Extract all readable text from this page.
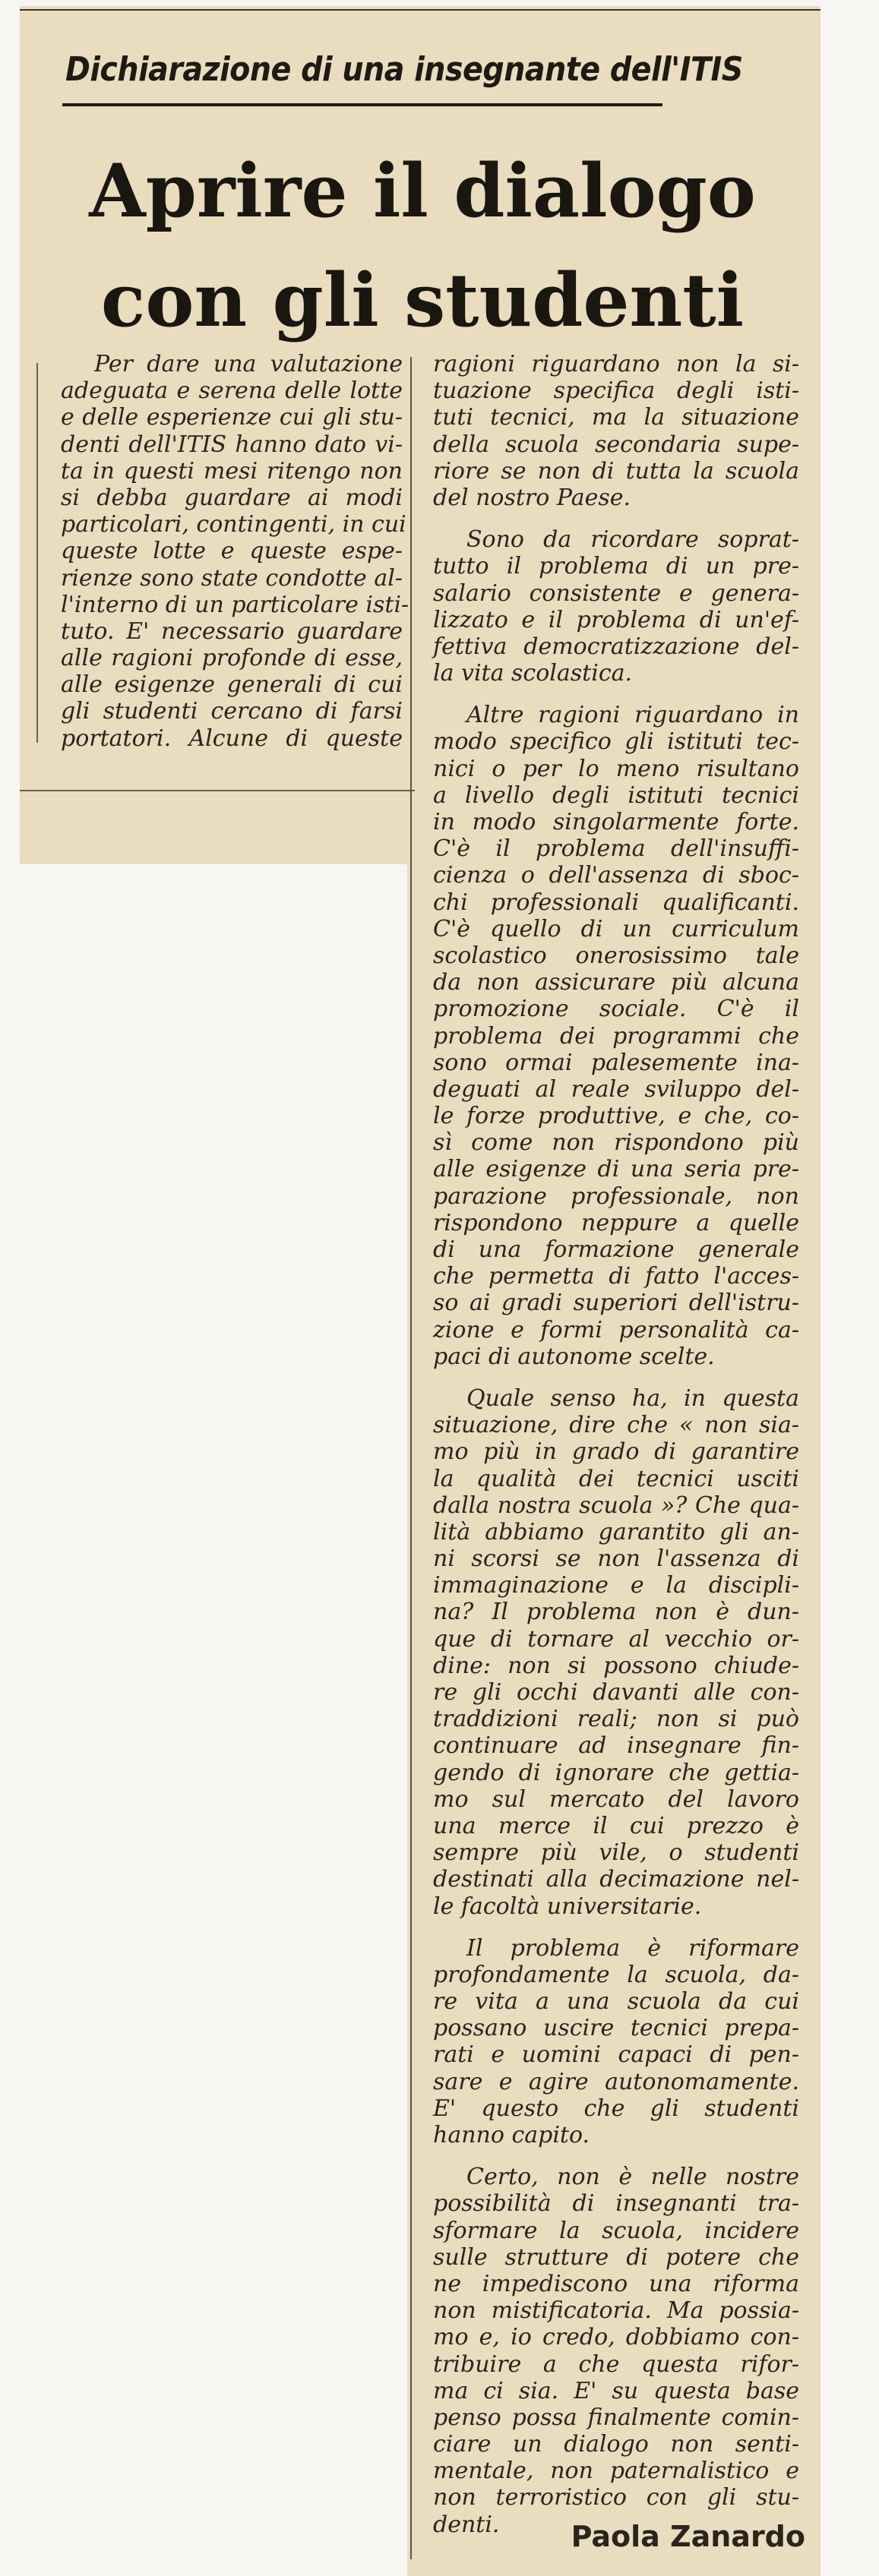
Dichiarazione di una insegnante dell'ITIS
Aprire il dialogo
con gli studenti
Per dare una valutazione
adeguata e serena delle lotte
e delle esperienze cui gli stu-
denti dell'ITIS hanno dato vi-
ta in questi mesi ritengo non
si debba guardare ai modi
particolari, contingenti, in cui
queste lotte e queste espe-
rienze sono state condotte al-
l'interno di un particolare isti-
tuto. E' necessario guardare
alle ragioni profonde di esse,
alle esigenze generali di cui
gli studenti cercano di farsi
portatori. Alcune di queste
ragioni riguardano non la si-
tuazione specifica degli isti-
tuti tecnici, ma la situazione
della scuola secondaria supe-
riore se non di tutta la scuola
del nostro Paese.
Sono da ricordare soprat-
tutto il problema di un pre-
salario consistente e genera-
lizzato e il problema di un'ef-
fettiva democratizzazione del-
la vita scolastica.
Altre ragioni riguardano in
modo specifico gli istituti tec-
nici o per lo meno risultano
a livello degli istituti tecnici
in modo singolarmente forte.
C'è il problema dell'insuffi-
cienza o dell'assenza di sboc-
chi professionali qualificanti.
C'è quello di un curriculum
scolastico onerosissimo tale
da non assicurare più alcuna
promozione sociale. C'è il
problema dei programmi che
sono ormai palesemente ina-
deguati al reale sviluppo del-
le forze produttive, e che, co-
sì come non rispondono più
alle esigenze di una seria pre-
parazione professionale, non
rispondono neppure a quelle
di una formazione generale
che permetta di fatto l'acces-
so ai gradi superiori dell'istru-
zione e formi personalità ca-
paci di autonome scelte.
Quale senso ha, in questa
situazione, dire che « non sia-
mo più in grado di garantire
la qualità dei tecnici usciti
dalla nostra scuola »? Che qua-
lità abbiamo garantito gli an-
ni scorsi se non l'assenza di
immaginazione e la discipli-
na? Il problema non è dun-
que di tornare al vecchio or-
dine: non si possono chiude-
re gli occhi davanti alle con-
traddizioni reali; non si può
continuare ad insegnare fin-
gendo di ignorare che gettia-
mo sul mercato del lavoro
una merce il cui prezzo è
sempre più vile, o studenti
destinati alla decimazione nel-
le facoltà universitarie.
Il problema è riformare
profondamente la scuola, da-
re vita a una scuola da cui
possano uscire tecnici prepa-
rati e uomini capaci di pen-
sare e agire autonomamente.
E' questo che gli studenti
hanno capito.
Certo, non è nelle nostre
possibilità di insegnanti tra-
sformare la scuola, incidere
sulle strutture di potere che
ne impediscono una riforma
non mistificatoria. Ma possia-
mo e, io credo, dobbiamo con-
tribuire a che questa rifor-
ma ci sia. E' su questa base
penso possa finalmente comin-
ciare un dialogo non senti-
mentale, non paternalistico e
non terroristico con gli stu-
denti.	Paola Zanardo
